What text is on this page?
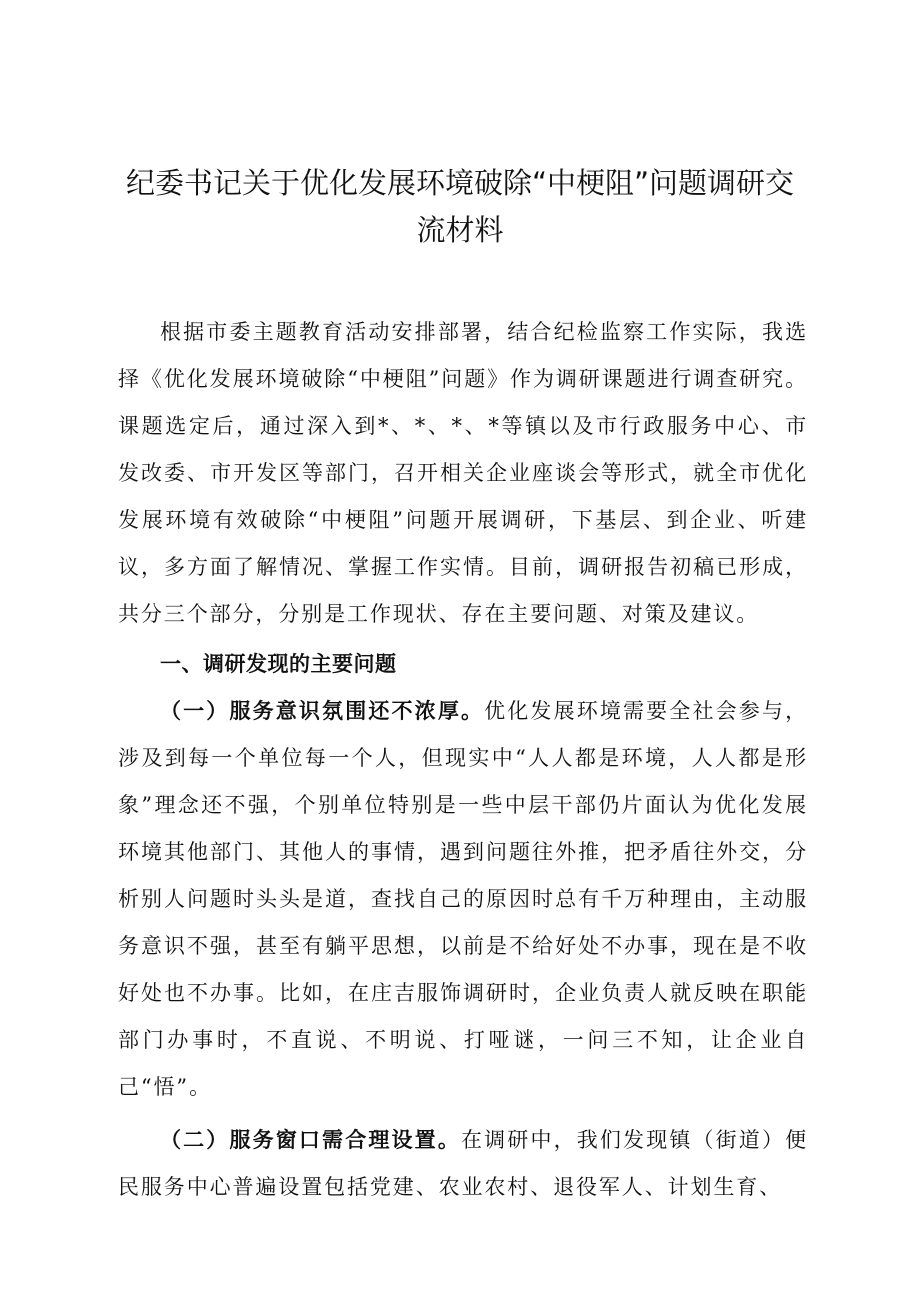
纪委书记关于优化发展环境破除“中梗阻”问题调研交流材料

根据市委主题教育活动安排部署，结合纪检监察工作实际，我选择《优化发展环境破除“中梗阻”问题》作为调研课题进行调查研究。课题选定后，通过深入到*、*、*、*等镇以及市行政服务中心、市发改委、市开发区等部门，召开相关企业座谈会等形式，就全市优化发展环境有效破除“中梗阻”问题开展调研，下基层、到企业、听建议，多方面了解情况、掌握工作实情。目前，调研报告初稿已形成，共分三个部分，分别是工作现状、存在主要问题、对策及建议。

一、调研发现的主要问题

（一）服务意识氛围还不浓厚。优化发展环境需要全社会参与，涉及到每一个单位每一个人，但现实中“人人都是环境，人人都是形象”理念还不强，个别单位特别是一些中层干部仍片面认为优化发展环境其他部门、其他人的事情，遇到问题往外推，把矛盾往外交，分析别人问题时头头是道，查找自己的原因时总有千万种理由，主动服务意识不强，甚至有躺平思想，以前是不给好处不办事，现在是不收好处也不办事。比如，在庄吉服饰调研时，企业负责人就反映在职能部门办事时，不直说、不明说、打哑谜，一问三不知，让企业自己“悟”。

（二）服务窗口需合理设置。在调研中，我们发现镇（街道）便民服务中心普遍设置包括党建、农业农村、退役军人、计划生育、
